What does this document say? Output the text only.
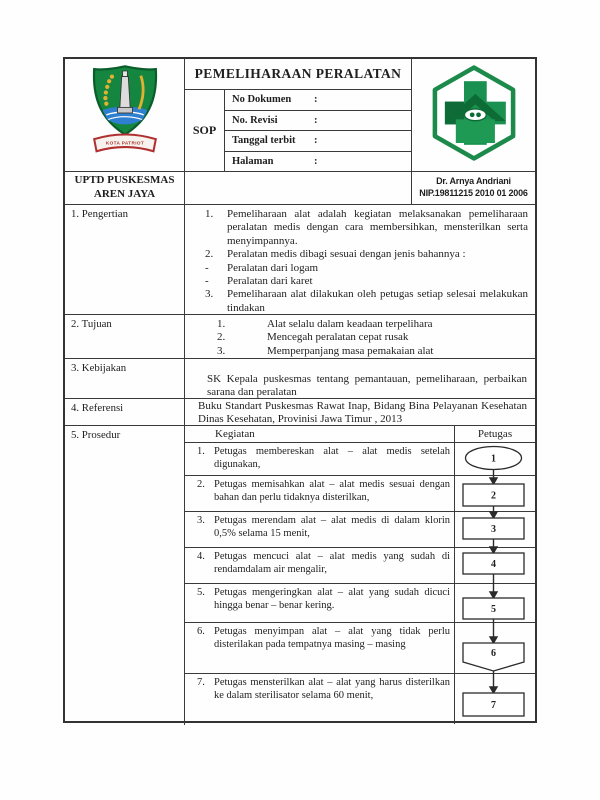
KOTA PATRIOT
PEMELIHARAAN PERALATAN
SOP
No Dokumen	:
No. Revisi	:
Tanggal terbit	:
Halaman	:
UPTD PUSKESMAS
AREN JAYA
Dr. Arnya Andriani
NIP.19811215 2010 01 2006
1. Pengertian	1.	Pemeliharaan alat adalah kegiatan melaksanakan pemeliharaan peralatan medis dengan cara membersihkan, mensterilkan serta menyimpannya.
2.	Peralatan medis dibagi sesuai dengan jenis bahannya :
-	Peralatan dari logam
-	Peralatan dari karet
3.	Pemeliharaan alat dilakukan oleh petugas setiap selesai melakukan tindakan
2. Tujuan	1.	Alat selalu dalam keadaan terpelihara
2.	Mencegah peralatan cepat rusak
3.	Memperpanjang masa pemakaian alat
3. Kebijakan
SK Kepala puskesmas tentang pemantauan, pemeliharaan, perbaikan sarana dan peralatan
4. Referensi	Buku Standart Puskesmas Rawat Inap, Bidang Bina Pelayanan Kesehatan Dinas Kesehatan, Provinisi Jawa Timur , 2013
5. Prosedur	Kegiatan	Petugas
1. Petugas membereskan alat – alat medis setelah digunakan,
2. Petugas memisahkan alat – alat medis sesuai dengan bahan dan perlu tidaknya disterilkan,
3. Petugas merendam alat – alat medis di dalam klorin 0,5% selama 15 menit,
4. Petugas mencuci alat – alat medis yang sudah di rendamdalam air mengalir,
5. Petugas mengeringkan alat – alat yang sudah dicuci hingga benar – benar kering.
6. Petugas menyimpan alat – alat yang tidak perlu disterilakan pada tempatnya masing – masing
7. Petugas mensterilkan alat – alat yang harus disterilkan ke dalam sterilisator selama 60 menit,
1
2
3
4
5
6
7
